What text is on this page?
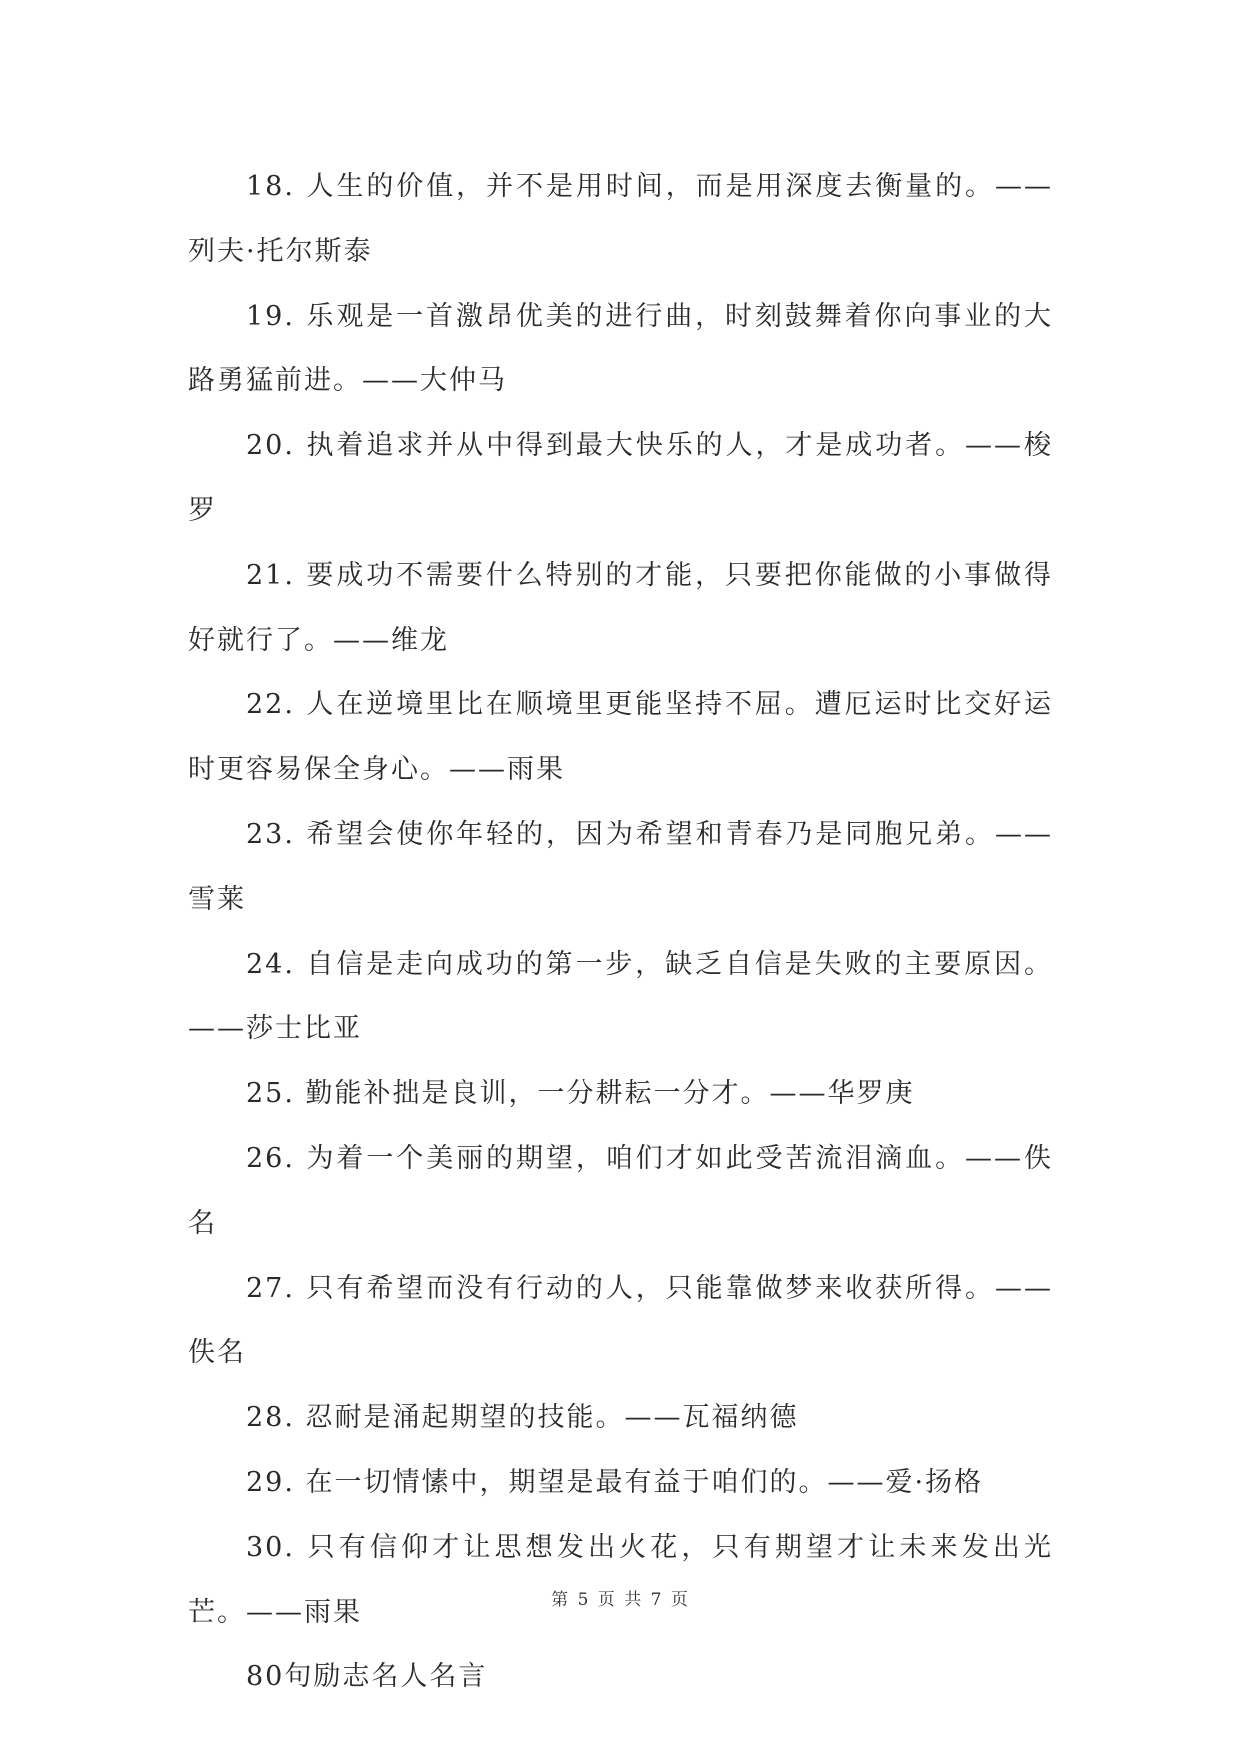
18. 人生的价值，并不是用时间，而是用深度去衡量的。——列夫·托尔斯泰

19. 乐观是一首激昂优美的进行曲，时刻鼓舞着你向事业的大路勇猛前进。——大仲马

20. 执着追求并从中得到最大快乐的人，才是成功者。——梭罗

21. 要成功不需要什么特别的才能，只要把你能做的小事做得好就行了。——维龙

22. 人在逆境里比在顺境里更能坚持不屈。遭厄运时比交好运时更容易保全身心。——雨果

23. 希望会使你年轻的，因为希望和青春乃是同胞兄弟。——雪莱

24. 自信是走向成功的第一步，缺乏自信是失败的主要原因。——莎士比亚

25. 勤能补拙是良训，一分耕耘一分才。——华罗庚

26. 为着一个美丽的期望，咱们才如此受苦流泪滴血。——佚名

27. 只有希望而没有行动的人，只能靠做梦来收获所得。——佚名

28. 忍耐是涌起期望的技能。——瓦福纳德

29. 在一切情愫中，期望是最有益于咱们的。——爱·扬格

30. 只有信仰才让思想发出火花，只有期望才让未来发出光芒。——雨果

80句励志名人名言

第 5 页 共 7 页
